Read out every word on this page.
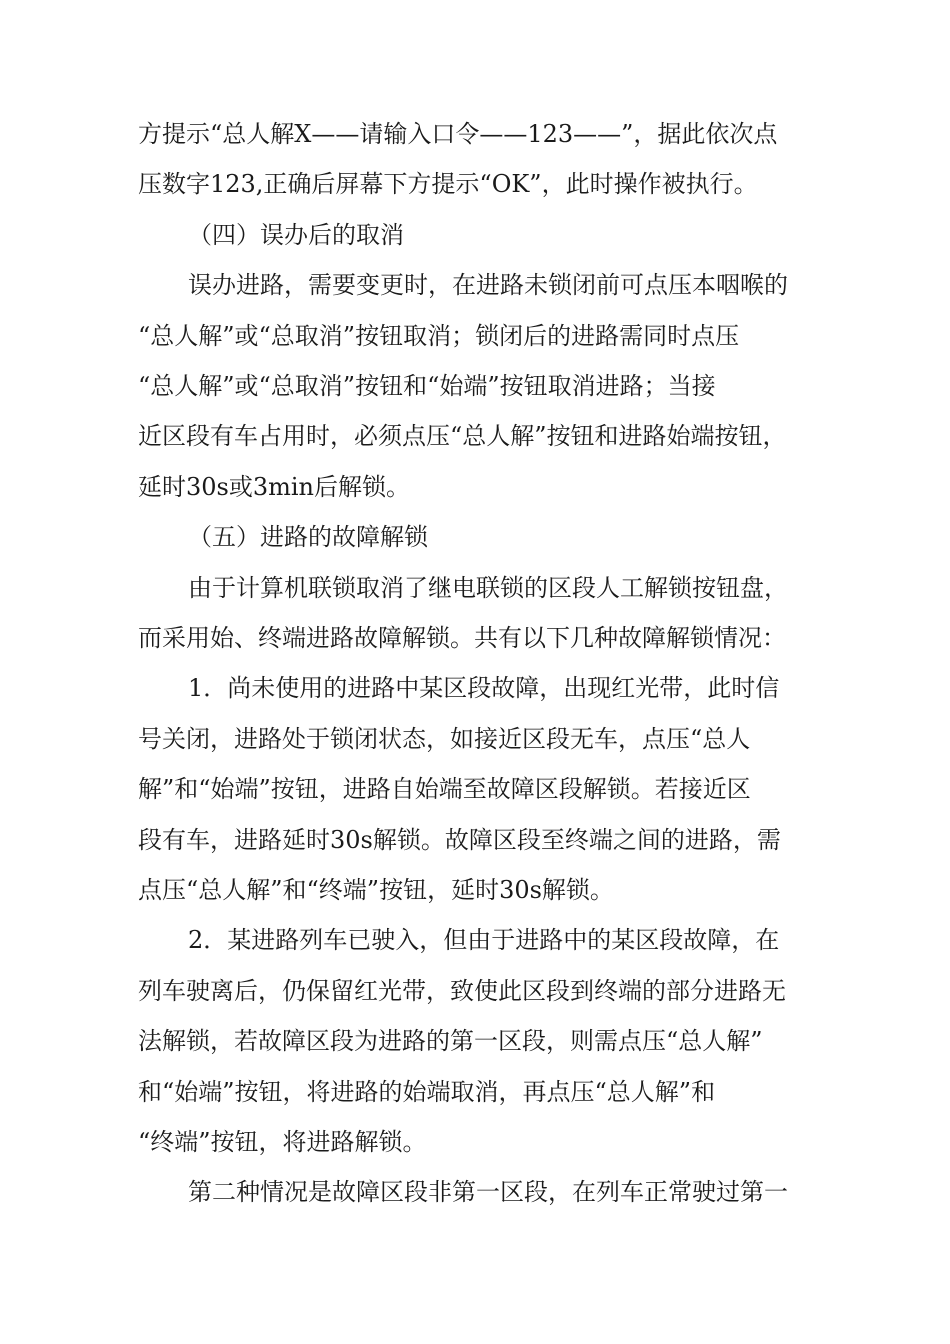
方提示“总人解X——请输入口令——123——”，据此依次点
压数字123,正确后屏幕下方提示“OK”，此时操作被执行。
（四）误办后的取消
误办进路，需要变更时，在进路未锁闭前可点压本咽喉的
“总人解”或“总取消”按钮取消；锁闭后的进路需同时点压
“总人解”或“总取消”按钮和“始端”按钮取消进路；当接
近区段有车占用时，必须点压“总人解”按钮和进路始端按钮，
延时30s或3min后解锁。
（五）进路的故障解锁
由于计算机联锁取消了继电联锁的区段人工解锁按钮盘，
而采用始、终端进路故障解锁。共有以下几种故障解锁情况：
1．尚未使用的进路中某区段故障，出现红光带，此时信
号关闭，进路处于锁闭状态，如接近区段无车，点压“总人
解”和“始端”按钮，进路自始端至故障区段解锁。若接近区
段有车，进路延时30s解锁。故障区段至终端之间的进路，需
点压“总人解”和“终端”按钮，延时30s解锁。
2．某进路列车已驶入，但由于进路中的某区段故障，在
列车驶离后，仍保留红光带，致使此区段到终端的部分进路无
法解锁，若故障区段为进路的第一区段，则需点压“总人解”
和“始端”按钮，将进路的始端取消，再点压“总人解”和
“终端”按钮，将进路解锁。
第二种情况是故障区段非第一区段，在列车正常驶过第一
